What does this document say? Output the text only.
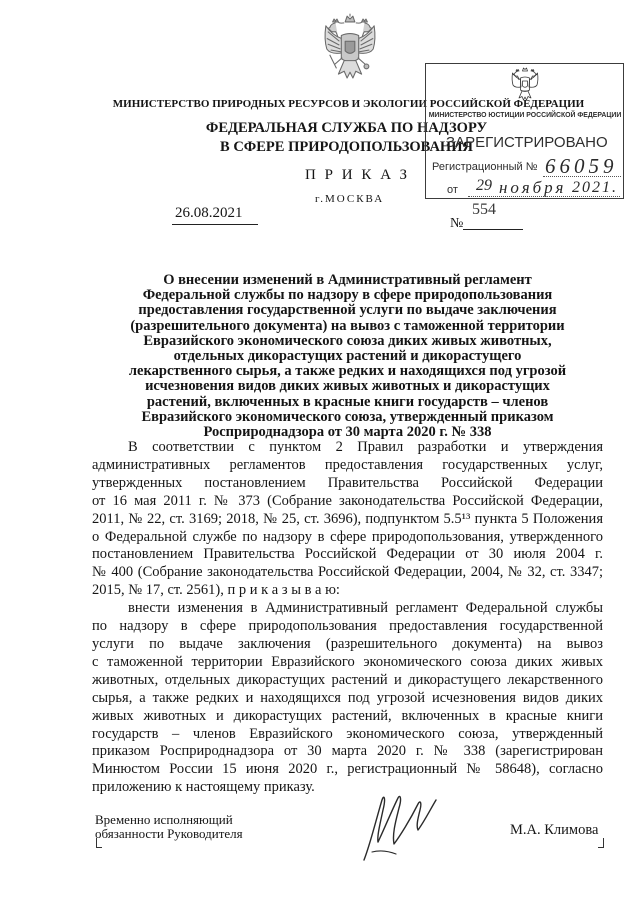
МИНИСТЕРСТВО ПРИРОДНЫХ РЕСУРСОВ И ЭКОЛОГИИ РОССИЙСКОЙ ФЕДЕРАЦИИ
ФЕДЕРАЛЬНАЯ СЛУЖБА ПО НАДЗОРУ
В СФЕРЕ ПРИРОДОПОЛЬЗОВАНИЯ
ПРИКАЗ
26.08.2021
г.МОСКВА
№
554
МИНИСТЕРСТВО ЮСТИЦИИ РОССИЙСКОЙ ФЕДЕРАЦИИ
ЗАРЕГИСТРИРОВАНО
Регистрационный № 66059
от 29 ноября 2021.
О внесении изменений в Административный регламент
Федеральной службы по надзору в сфере природопользования
предоставления государственной услуги по выдаче заключения
(разрешительного документа) на вывоз с таможенной территории
Евразийского экономического союза диких живых животных,
отдельных дикорастущих растений и дикорастущего
лекарственного сырья, а также редких и находящихся под угрозой
исчезновения видов диких живых животных и дикорастущих
растений, включенных в красные книги государств – членов
Евразийского экономического союза, утвержденный приказом
Росприроднадзора от 30 марта 2020 г. № 338
В соответствии с пунктом 2 Правил разработки и утверждения
административных регламентов предоставления государственных услуг,
утвержденных постановлением Правительства Российской Федерации
от 16 мая 2011 г. № 373 (Собрание законодательства Российской Федерации,
2011, № 22, ст. 3169; 2018, № 25, ст. 3696), подпунктом 5.5¹³ пункта 5 Положения
о Федеральной службе по надзору в сфере природопользования, утвержденного
постановлением Правительства Российской Федерации от 30 июля 2004 г.
№ 400 (Собрание законодательства Российской Федерации, 2004, № 32, ст. 3347;
2015, № 17, ст. 2561), п р и к а з ы в а ю:
внести изменения в Административный регламент Федеральной службы
по надзору в сфере природопользования предоставления государственной
услуги по выдаче заключения (разрешительного документа) на вывоз
с таможенной территории Евразийского экономического союза диких живых
животных, отдельных дикорастущих растений и дикорастущего лекарственного
сырья, а также редких и находящихся под угрозой исчезновения видов диких
живых животных и дикорастущих растений, включенных в красные книги
государств – членов Евразийского экономического союза, утвержденный
приказом Росприроднадзора от 30 марта 2020 г. № 338 (зарегистрирован
Минюстом России 15 июня 2020 г., регистрационный № 58648), согласно
приложению к настоящему приказу.
Временно исполняющий
обязанности Руководителя	М.А. Климова
